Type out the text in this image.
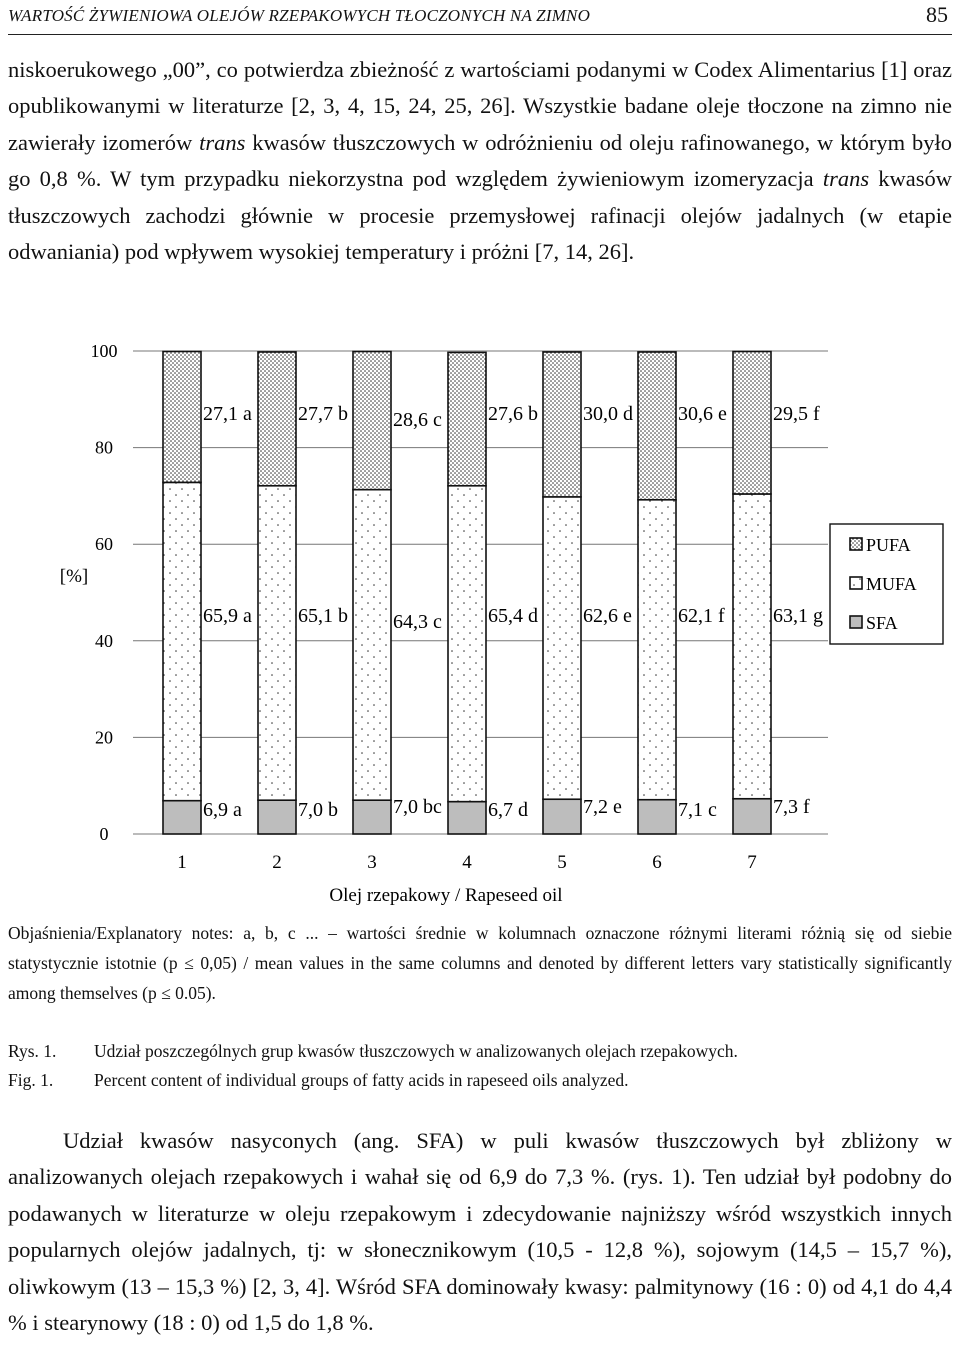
WARTOŚĆ ŻYWIENIOWA OLEJÓW RZEPAKOWYCH TŁOCZONYCH NA ZIMNO	85
niskoerukowego „00”, co potwierdza zbieżność z wartościami podanymi w Codex Alimentarius [1] oraz opublikowanymi w literaturze [2, 3, 4, 15, 24, 25, 26]. Wszystkie badane oleje tłoczone na zimno nie zawierały izomerów trans kwasów tłuszczowych w odróżnieniu od oleju rafinowanego, w którym było go 0,8 %. W tym przypadku niekorzystna pod względem żywieniowym izomeryzacja trans kwasów tłuszczowych zachodzi głównie w procesie przemysłowej rafinacji olejów jadalnych (w etapie odwaniania) pod wpływem wysokiej temperatury i próżni [7, 14, 26].
0
20
40
60
80
100
6,9 a	7,0 b	7,0 bc 6,7 d	7,2 e	7,1 c	7,3 f
65,9 a 65,1 b 64,3 c 65,4 d 62,6 e 62,1 f 63,1 g
27,1 a 27,7 b 28,6 c 27,6 b 30,0 d 30,6 e 29,5 f
1	2	3	4	5	6	7
[%]
Olej rzepakowy / Rapeseed oil
PUFA
MUFA
SFA
Objaśnienia/Explanatory notes: a, b, c ... – wartości średnie w kolumnach oznaczone różnymi literami różnią się od siebie statystycznie istotnie (p ≤ 0,05) / mean values in the same columns and denoted by different letters vary statistically significantly among themselves (p ≤ 0.05).
Rys. 1.	Udział poszczególnych grup kwasów tłuszczowych w analizowanych olejach rzepakowych.
Fig. 1.	Percent content of individual groups of fatty acids in rapeseed oils analyzed.
Udział kwasów nasyconych (ang. SFA) w puli kwasów tłuszczowych był zbliżony w analizowanych olejach rzepakowych i wahał się od 6,9 do 7,3 %. (rys. 1). Ten udział był podobny do podawanych w literaturze w oleju rzepakowym i zdecydowanie najniższy wśród wszystkich innych popularnych olejów jadalnych, tj: w słonecznikowym (10,5 - 12,8 %), sojowym (14,5 – 15,7 %), oliwkowym (13 – 15,3 %) [2, 3, 4]. Wśród SFA dominowały kwasy: palmitynowy (16 : 0) od 4,1 do 4,4 % i stearynowy (18 : 0) od 1,5 do 1,8 %.
